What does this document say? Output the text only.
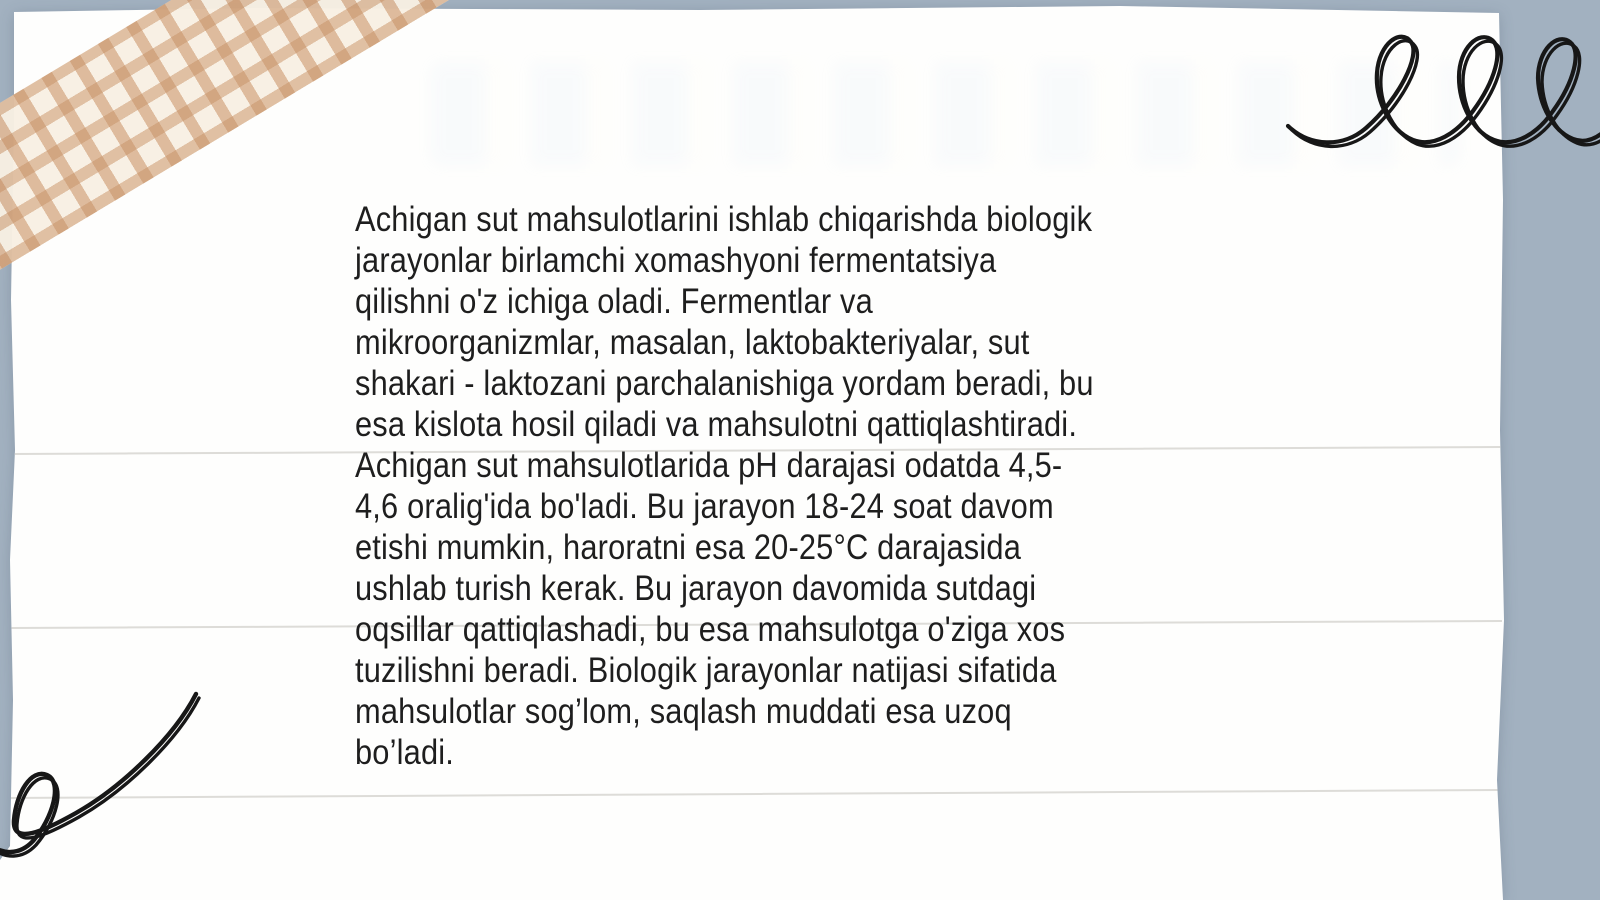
Achigan sut mahsulotlarini ishlab chiqarishda biologik
jarayonlar birlamchi xomashyoni fermentatsiya
qilishni o'z ichiga oladi. Fermentlar va
mikroorganizmlar, masalan, laktobakteriyalar, sut
shakari - laktozani parchalanishiga yordam beradi, bu
esa kislota hosil qiladi va mahsulotni qattiqlashtiradi.
Achigan sut mahsulotlarida pH darajasi odatda 4,5-
4,6 oralig'ida bo'ladi. Bu jarayon 18-24 soat davom
etishi mumkin, haroratni esa 20-25°C darajasida
ushlab turish kerak. Bu jarayon davomida sutdagi
oqsillar qattiqlashadi, bu esa mahsulotga o'ziga xos
tuzilishni beradi. Biologik jarayonlar natijasi sifatida
mahsulotlar sog’lom, saqlash muddati esa uzoq
bo’ladi.
